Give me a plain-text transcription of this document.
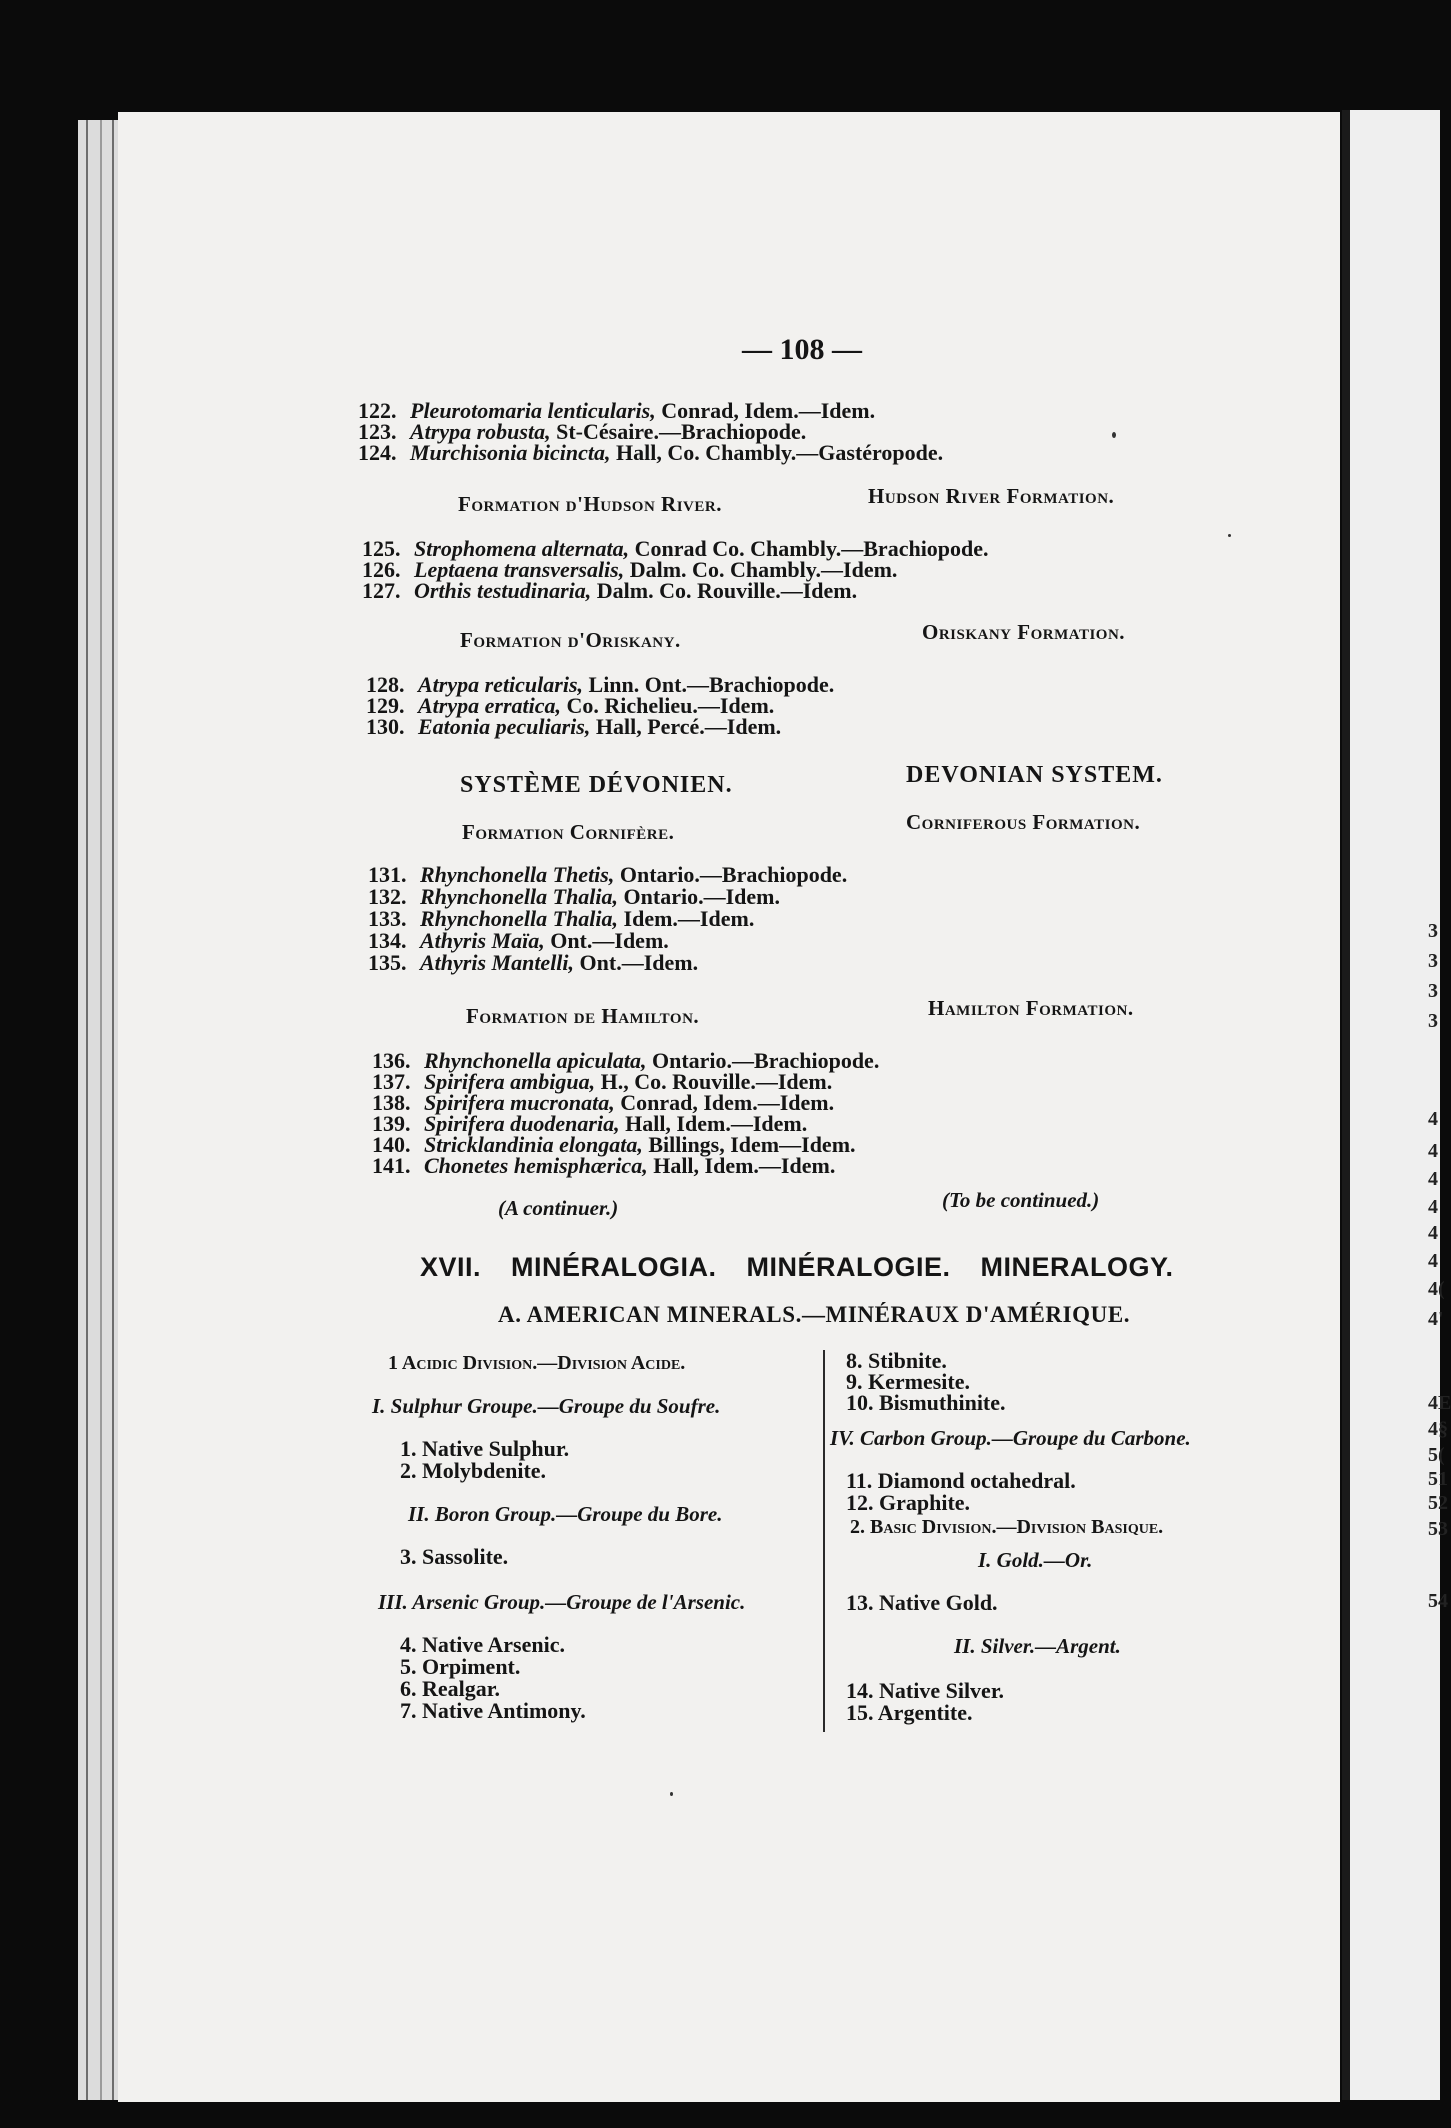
3
3
3
3
4
4
4
4
4
4
4(
4'
4E
4§
5(
51
52
53
54
— 108 —
122. Pleurotomaria lenticularis, Conrad, Idem.—Idem.
123. Atrypa robusta, St-Césaire.—Brachiopode.
124. Murchisonia bicincta, Hall, Co. Chambly.—Gastéropode.
Formation d'Hudson River.	Hudson River Formation.
125. Strophomena alternata, Conrad Co. Chambly.—Brachiopode.
126. Leptaena transversalis, Dalm. Co. Chambly.—Idem.
127. Orthis testudinaria, Dalm. Co. Rouville.—Idem.
Formation d'Oriskany.	Oriskany Formation.
128. Atrypa reticularis, Linn. Ont.—Brachiopode.
129. Atrypa erratica, Co. Richelieu.—Idem.
130. Eatonia peculiaris, Hall, Percé.—Idem.
SYSTÈME DÉVONIEN.	DEVONIAN SYSTEM.
Formation Cornifère.	Corniferous Formation.
131. Rhynchonella Thetis, Ontario.—Brachiopode.
132. Rhynchonella Thalia, Ontario.—Idem.
133. Rhynchonella Thalia, Idem.—Idem.
134. Athyris Maïa, Ont.—Idem.
135. Athyris Mantelli, Ont.—Idem.
Formation de Hamilton.	Hamilton Formation.
136. Rhynchonella apiculata, Ontario.—Brachiopode.
137. Spirifera ambigua, H., Co. Rouville.—Idem.
138. Spirifera mucronata, Conrad, Idem.—Idem.
139. Spirifera duodenaria, Hall, Idem.—Idem.
140. Stricklandinia elongata, Billings, Idem—Idem.
141. Chonetes hemisphærica, Hall, Idem.—Idem.
(A continuer.)	(To be continued.)
XVII. MINÉRALOGIA. MINÉRALOGIE. MINERALOGY.
A. AMERICAN MINERALS.—MINÉRAUX D'AMÉRIQUE.
1 Acidic Division.—Division Acide.
I. Sulphur Groupe.—Groupe du Soufre.
1. Native Sulphur.
2. Molybdenite.
II. Boron Group.—Groupe du Bore.
3. Sassolite.
III. Arsenic Group.—Groupe de l'Arsenic.
4. Native Arsenic.
5. Orpiment.
6. Realgar.
7. Native Antimony.
8. Stibnite.
9. Kermesite.
10. Bismuthinite.
IV. Carbon Group.—Groupe du Carbone.
11. Diamond octahedral.
12. Graphite.
2. Basic Division.—Division Basique.
I. Gold.—Or.
13. Native Gold.
II. Silver.—Argent.
14. Native Silver.
15. Argentite.
